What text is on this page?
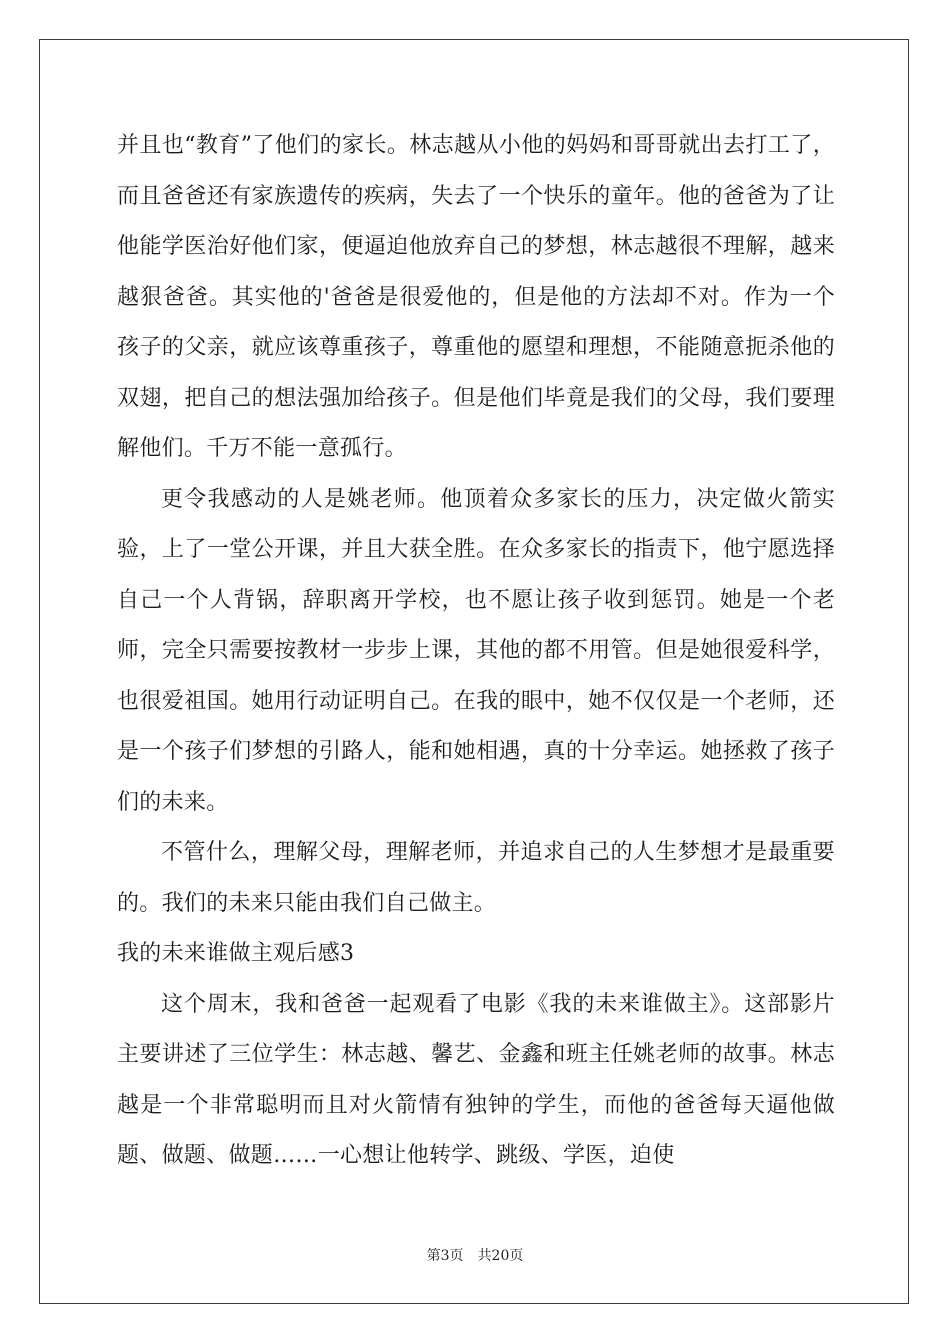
并且也“教育”了他们的家长。林志越从小他的妈妈和哥哥就出去打工了，而且爸爸还有家族遗传的疾病，失去了一个快乐的童年。他的爸爸为了让他能学医治好他们家，便逼迫他放弃自己的梦想，林志越很不理解，越来越狠爸爸。其实他的'爸爸是很爱他的，但是他的方法却不对。作为一个孩子的父亲，就应该尊重孩子，尊重他的愿望和理想，不能随意扼杀他的双翅，把自己的想法强加给孩子。但是他们毕竟是我们的父母，我们要理解他们。千万不能一意孤行。

更令我感动的人是姚老师。他顶着众多家长的压力，决定做火箭实验，上了一堂公开课，并且大获全胜。在众多家长的指责下，他宁愿选择自己一个人背锅，辞职离开学校，也不愿让孩子收到惩罚。她是一个老师，完全只需要按教材一步步上课，其他的都不用管。但是她很爱科学，也很爱祖国。她用行动证明自己。在我的眼中，她不仅仅是一个老师，还是一个孩子们梦想的引路人，能和她相遇，真的十分幸运。她拯救了孩子们的未来。

不管什么，理解父母，理解老师，并追求自己的人生梦想才是最重要的。我们的未来只能由我们自己做主。

我的未来谁做主观后感3

这个周末，我和爸爸一起观看了电影《我的未来谁做主》。这部影片主要讲述了三位学生：林志越、馨艺、金鑫和班主任姚老师的故事。林志越是一个非常聪明而且对火箭情有独钟的学生，而他的爸爸每天逼他做题、做题、做题……一心想让他转学、跳级、学医，迫使

第3页　共20页
